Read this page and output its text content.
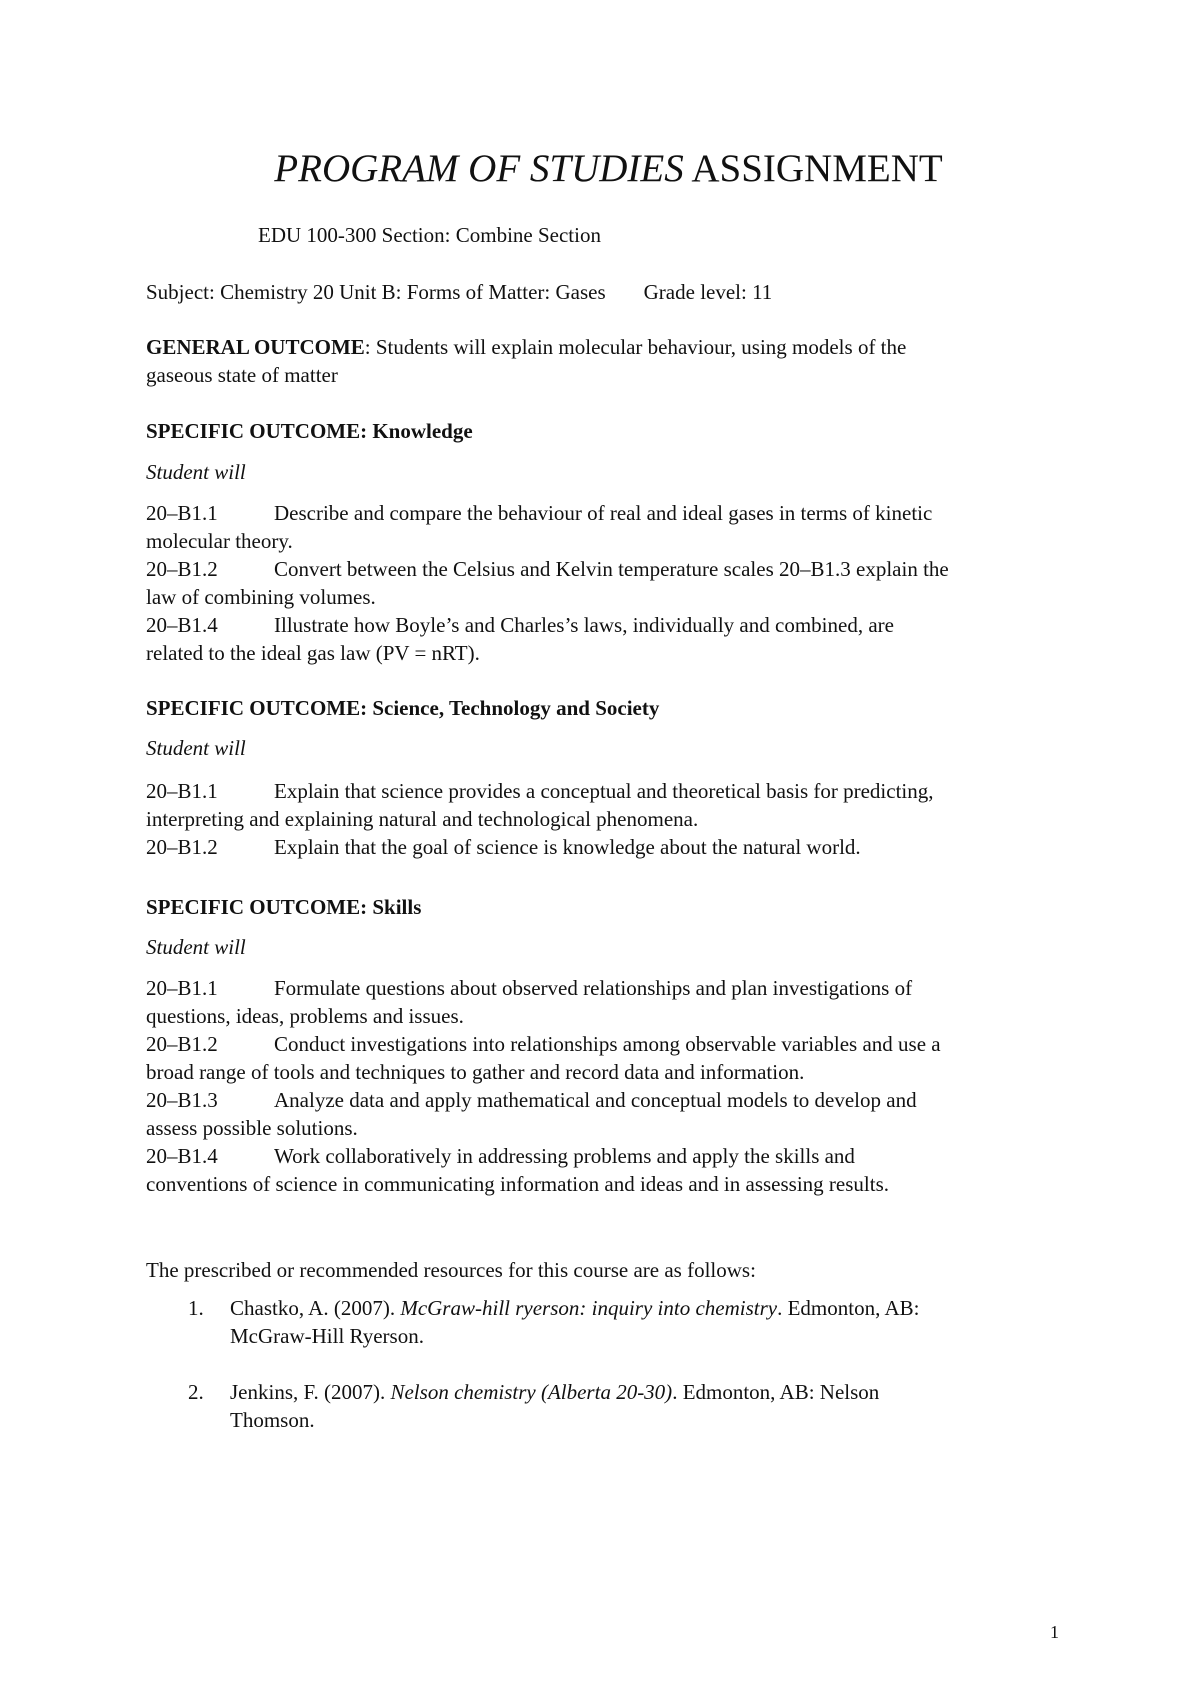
PROGRAM OF STUDIES ASSIGNMENT
EDU 100-300 Section: Combine Section
Subject: Chemistry 20 Unit B: Forms of Matter: Gases Grade level: 11
GENERAL OUTCOME: Students will explain molecular behaviour, using models of the
gaseous state of matter
SPECIFIC OUTCOME: Knowledge
Student will
20–B1.1	Describe and compare the behaviour of real and ideal gases in terms of kinetic
molecular theory.
20–B1.2	Convert between the Celsius and Kelvin temperature scales 20–B1.3 explain the
law of combining volumes.
20–B1.4	Illustrate how Boyle’s and Charles’s laws, individually and combined, are
related to the ideal gas law (PV = nRT).
SPECIFIC OUTCOME: Science, Technology and Society
Student will
20–B1.1	Explain that science provides a conceptual and theoretical basis for predicting,
interpreting and explaining natural and technological phenomena.
20–B1.2	Explain that the goal of science is knowledge about the natural world.
SPECIFIC OUTCOME: Skills
Student will
20–B1.1	Formulate questions about observed relationships and plan investigations of
questions, ideas, problems and issues.
20–B1.2	Conduct investigations into relationships among observable variables and use a
broad range of tools and techniques to gather and record data and information.
20–B1.3	Analyze data and apply mathematical and conceptual models to develop and
assess possible solutions.
20–B1.4	Work collaboratively in addressing problems and apply the skills and
conventions of science in communicating information and ideas and in assessing results.
The prescribed or recommended resources for this course are as follows:
1.	Chastko, A. (2007). McGraw-hill ryerson: inquiry into chemistry. Edmonton, AB:
McGraw-Hill Ryerson.
2.	Jenkins, F. (2007). Nelson chemistry (Alberta 20-30). Edmonton, AB: Nelson
Thomson.
1
